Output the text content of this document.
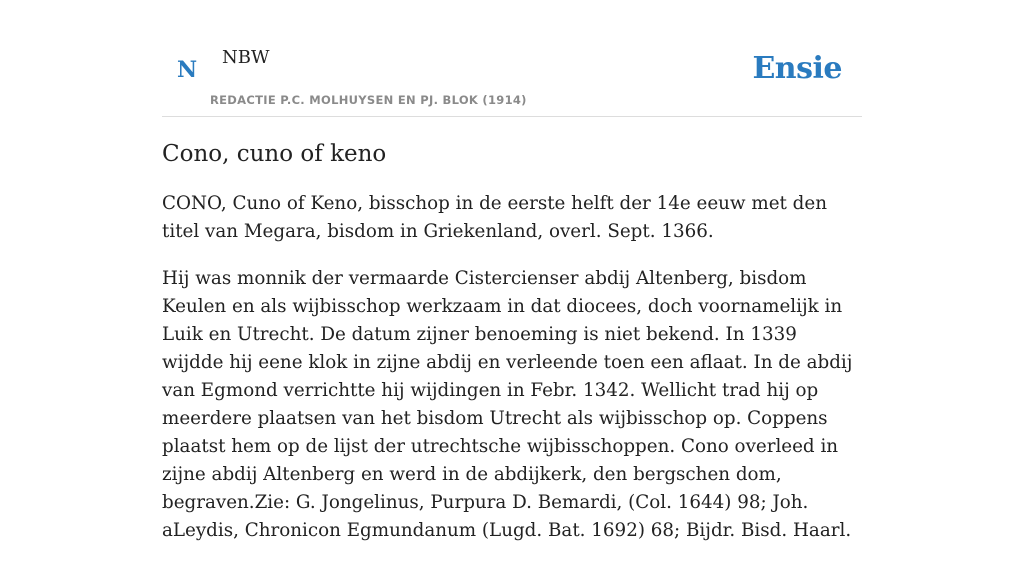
N NBW
REDACTIE P.C. MOLHUYSEN EN PJ. BLOK (1914)
Ensie
Cono, cuno of keno

CONO, Cuno of Keno, bisschop in de eerste helft der 14e eeuw met den titel van Megara, bisdom in Griekenland, overl. Sept. 1366.

Hij was monnik der vermaarde Cistercienser abdij Altenberg, bisdom Keulen en als wijbisschop werkzaam in dat diocees, doch voornamelijk in Luik en Utrecht. De datum zijner benoeming is niet bekend. In 1339 wijdde hij eene klok in zijne abdij en verleende toen een aflaat. In de abdij van Egmond verrichtte hij wijdingen in Febr. 1342. Wellicht trad hij op meerdere plaatsen van het bisdom Utrecht als wijbisschop op. Coppens plaatst hem op de lijst der utrechtsche wijbisschoppen. Cono overleed in zijne abdij Altenberg en werd in de abdijkerk, den bergschen dom, begraven.Zie: G. Jongelinus, Purpura D. Bemardi, (Col. 1644) 98; Joh. aLeydis, Chronicon Egmundanum (Lugd. Bat. 1692) 68; Bijdr. Bisd. Haarl.
